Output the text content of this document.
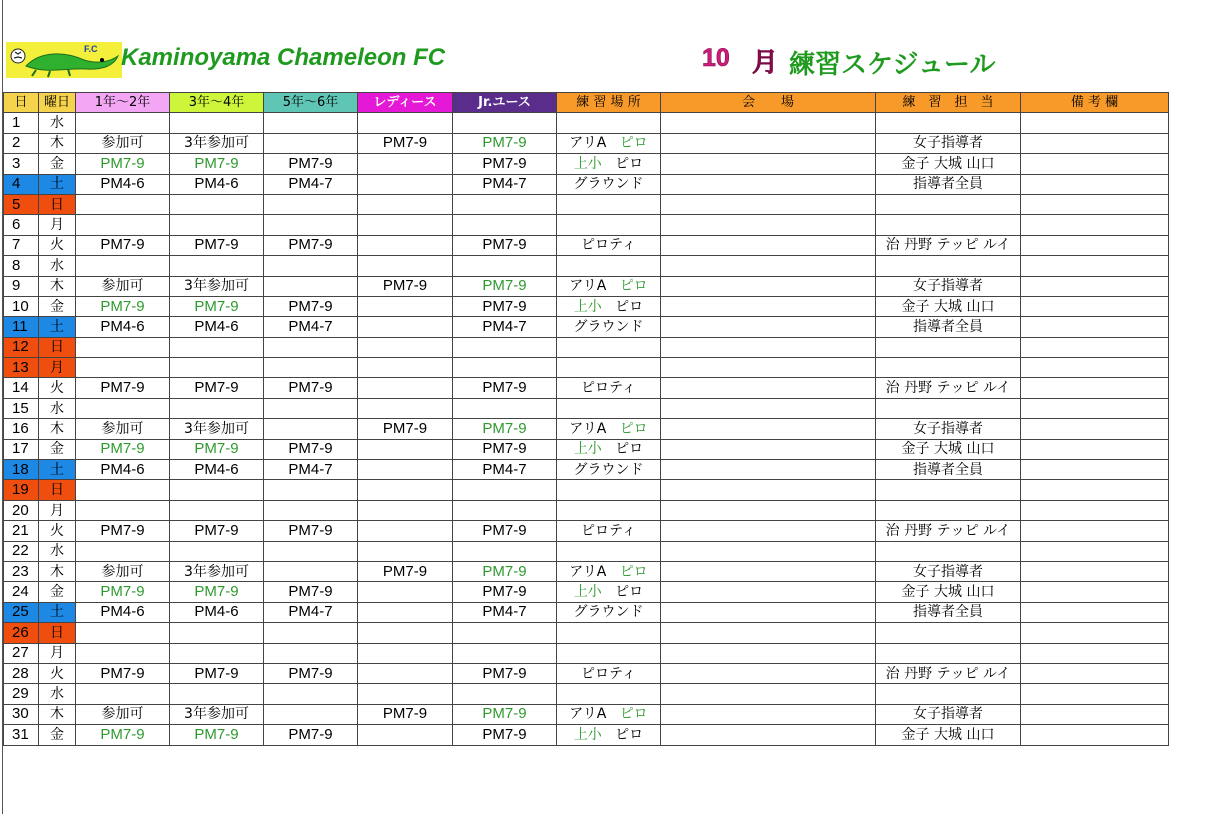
F.C Kaminoyama Chameleon FC	10 月 練習スケジュール
日	曜日	1年～2年	3年～4年	5年～6年	レディース	Jr.ユース	練 習 場 所	会　　場	練　習　担　当	備 考 欄
1	水									
2	木	参加可	3年参加可		PM7-9	PM7-9	アリA ピロ		女子指導者	
3	金	PM7-9	PM7-9	PM7-9		PM7-9	上小 ピロ		金子 大城 山口	
4	土	PM4-6	PM4-6	PM4-7		PM4-7	グラウンド		指導者全員	
5	日									
6	月									
7	火	PM7-9	PM7-9	PM7-9		PM7-9	ピロティ		治 丹野 テッピ ルイ	
8	水									
9	木	参加可	3年参加可		PM7-9	PM7-9	アリA ピロ		女子指導者	
10	金	PM7-9	PM7-9	PM7-9		PM7-9	上小 ピロ		金子 大城 山口	
11	土	PM4-6	PM4-6	PM4-7		PM4-7	グラウンド		指導者全員	
12	日									
13	月									
14	火	PM7-9	PM7-9	PM7-9		PM7-9	ピロティ		治 丹野 テッピ ルイ	
15	水									
16	木	参加可	3年参加可		PM7-9	PM7-9	アリA ピロ		女子指導者	
17	金	PM7-9	PM7-9	PM7-9		PM7-9	上小 ピロ		金子 大城 山口	
18	土	PM4-6	PM4-6	PM4-7		PM4-7	グラウンド		指導者全員	
19	日									
20	月									
21	火	PM7-9	PM7-9	PM7-9		PM7-9	ピロティ		治 丹野 テッピ ルイ	
22	水									
23	木	参加可	3年参加可		PM7-9	PM7-9	アリA ピロ		女子指導者	
24	金	PM7-9	PM7-9	PM7-9		PM7-9	上小 ピロ		金子 大城 山口	
25	土	PM4-6	PM4-6	PM4-7		PM4-7	グラウンド		指導者全員	
26	日									
27	月									
28	火	PM7-9	PM7-9	PM7-9		PM7-9	ピロティ		治 丹野 テッピ ルイ	
29	水									
30	木	参加可	3年参加可		PM7-9	PM7-9	アリA ピロ		女子指導者	
31	金	PM7-9	PM7-9	PM7-9		PM7-9	上小 ピロ		金子 大城 山口	
